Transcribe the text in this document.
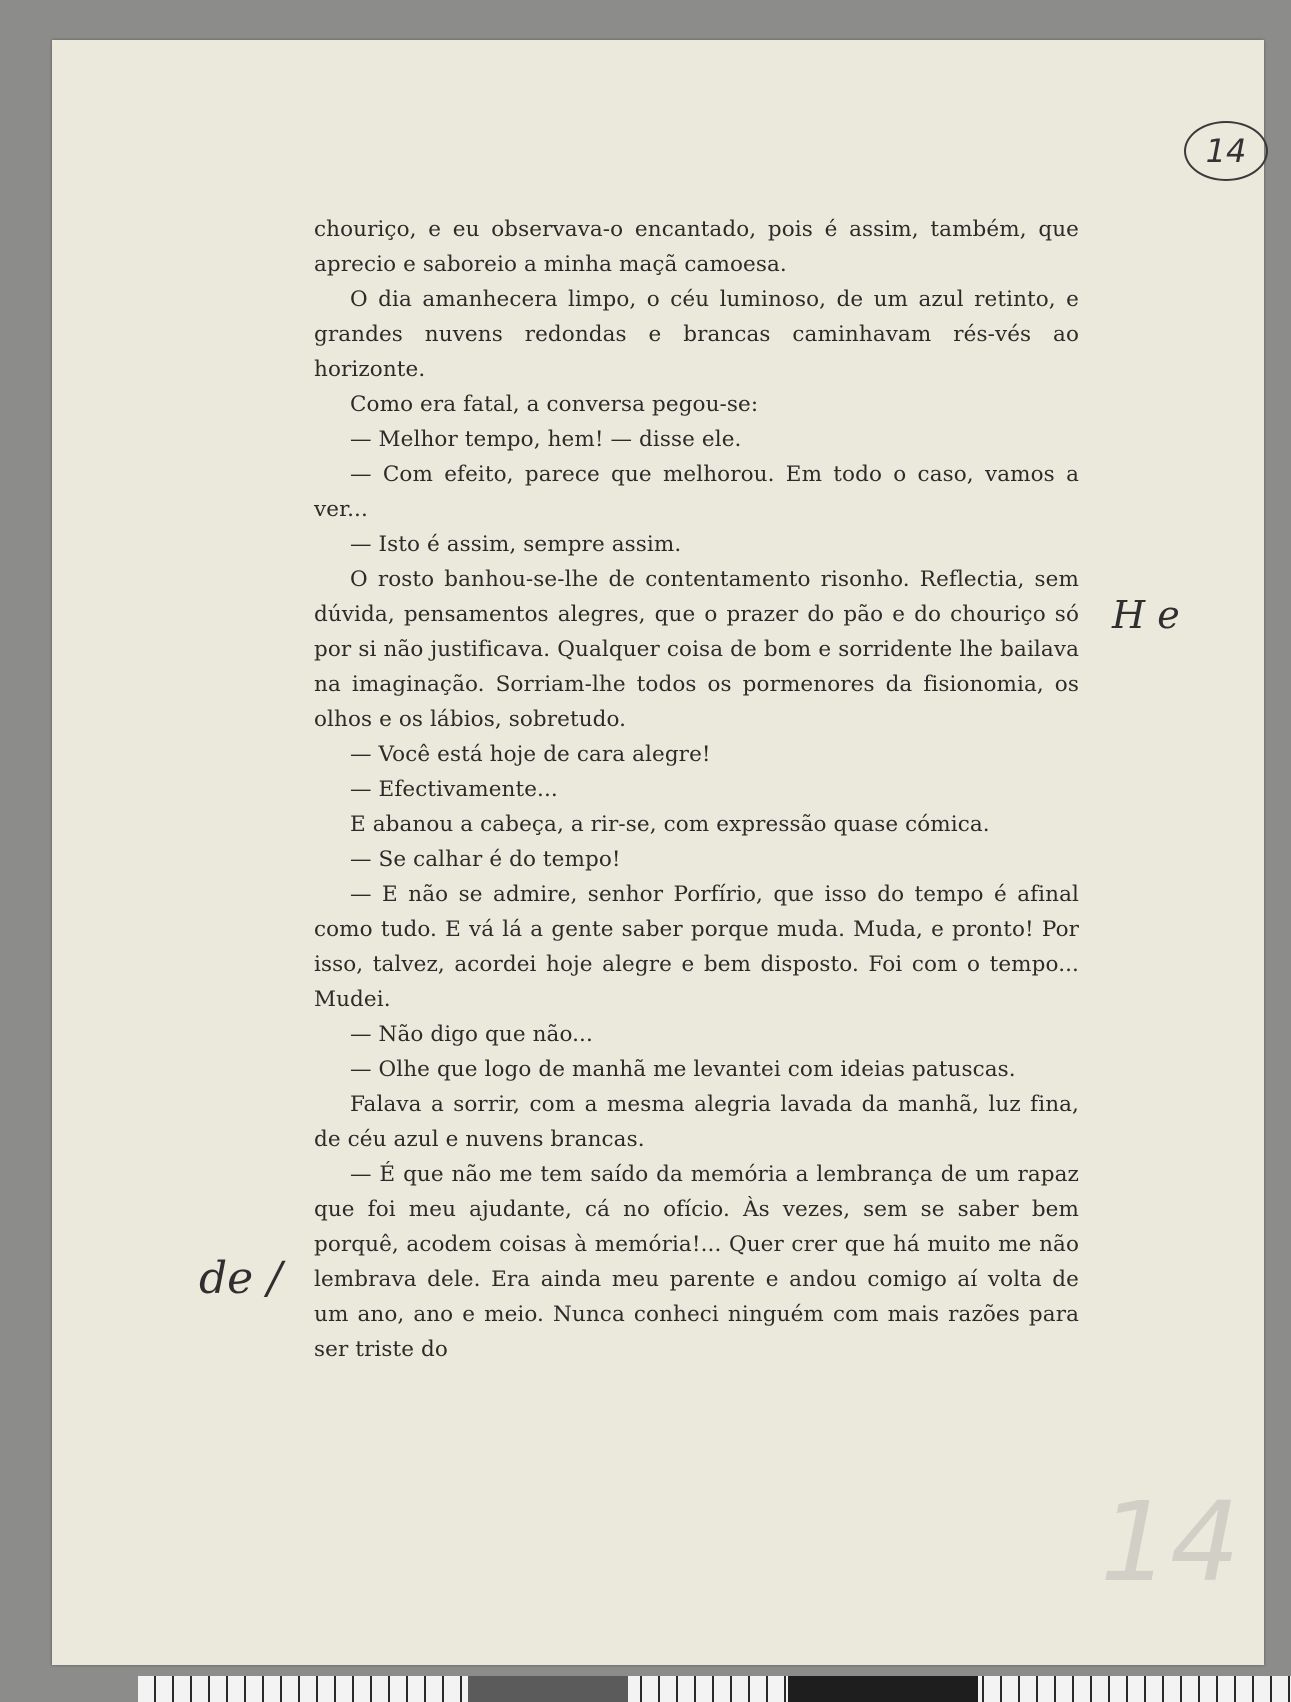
14

chouriço, e eu observava-o encantado, pois é assim, também, que aprecio e saboreio a minha maçã camoesa.

O dia amanhecera limpo, o céu luminoso, de um azul retinto, e grandes nuvens redondas e brancas caminhavam rés-vés ao horizonte.

Como era fatal, a conversa pegou-se:

— Melhor tempo, hem! — disse ele.

— Com efeito, parece que melhorou. Em todo o caso, vamos a ver...

— Isto é assim, sempre assim.

O rosto banhou-se-lhe de contentamento risonho. Reflectia, sem dúvida, pensamentos alegres, que o prazer do pão e do chouriço só por si não justificava. Qualquer coisa de bom e sorridente lhe bailava na imaginação. Sorriam-lhe todos os pormenores da fisionomia, os olhos e os lábios, sobretudo.

— Você está hoje de cara alegre!

— Efectivamente...

E abanou a cabeça, a rir-se, com expressão quase cómica.

— Se calhar é do tempo!

— E não se admire, senhor Porfírio, que isso do tempo é afinal como tudo. E vá lá a gente saber porque muda. Muda, e pronto! Por isso, talvez, acordei hoje alegre e bem disposto. Foi com o tempo... Mudei.

— Não digo que não...

— Olhe que logo de manhã me levantei com ideias patuscas.

Falava a sorrir, com a mesma alegria lavada da manhã, luz fina, de céu azul e nuvens brancas.

— É que não me tem saído da memória a lembrança de um rapaz que foi meu ajudante, cá no ofício. Às vezes, sem se saber bem porquê, acodem coisas à memória!... Quer crer que há muito me não lembrava dele. Era ainda meu parente e andou comigo aí volta de um ano, ano e meio. Nunca conheci ninguém com mais razões para ser triste do

H e
de /
14
